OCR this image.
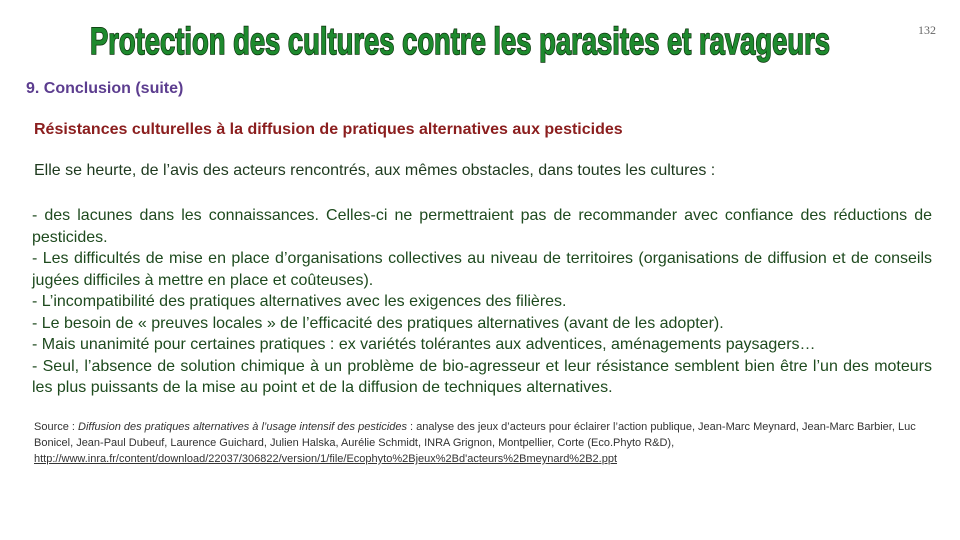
Protection des cultures contre les parasites et ravageurs	132
9. Conclusion (suite)
Résistances culturelles à la diffusion de pratiques alternatives aux pesticides
Elle se heurte, de l’avis des acteurs rencontrés, aux mêmes obstacles, dans toutes les cultures :

- des lacunes dans les connaissances. Celles-ci ne permettraient pas de recommander avec confiance des réductions de pesticides.

- Les difficultés de mise en place d’organisations collectives au niveau de territoires (organisations de diffusion et de conseils jugées difficiles à mettre en place et coûteuses).

- L’incompatibilité des pratiques alternatives avec les exigences des filières.

- Le besoin de « preuves locales » de l’efficacité des pratiques alternatives (avant de les adopter).

- Mais unanimité pour certaines pratiques : ex variétés tolérantes aux adventices, aménagements paysagers…

- Seul, l’absence de solution chimique à un problème de bio-agresseur et leur résistance semblent bien être l’un des moteurs les plus puissants de la mise au point et de la diffusion de techniques alternatives.

Source : Diffusion des pratiques alternatives à l’usage intensif des pesticides : analyse des jeux d’acteurs pour éclairer l’action publique, Jean-Marc Meynard, Jean-Marc Barbier, Luc Bonicel, Jean-Paul Dubeuf, Laurence Guichard, Julien Halska, Aurélie Schmidt, INRA Grignon, Montpellier, Corte (Eco.Phyto R&D),
http://www.inra.fr/content/download/22037/306822/version/1/file/Ecophyto%2Bjeux%2Bd'acteurs%2Bmeynard%2B2.ppt
